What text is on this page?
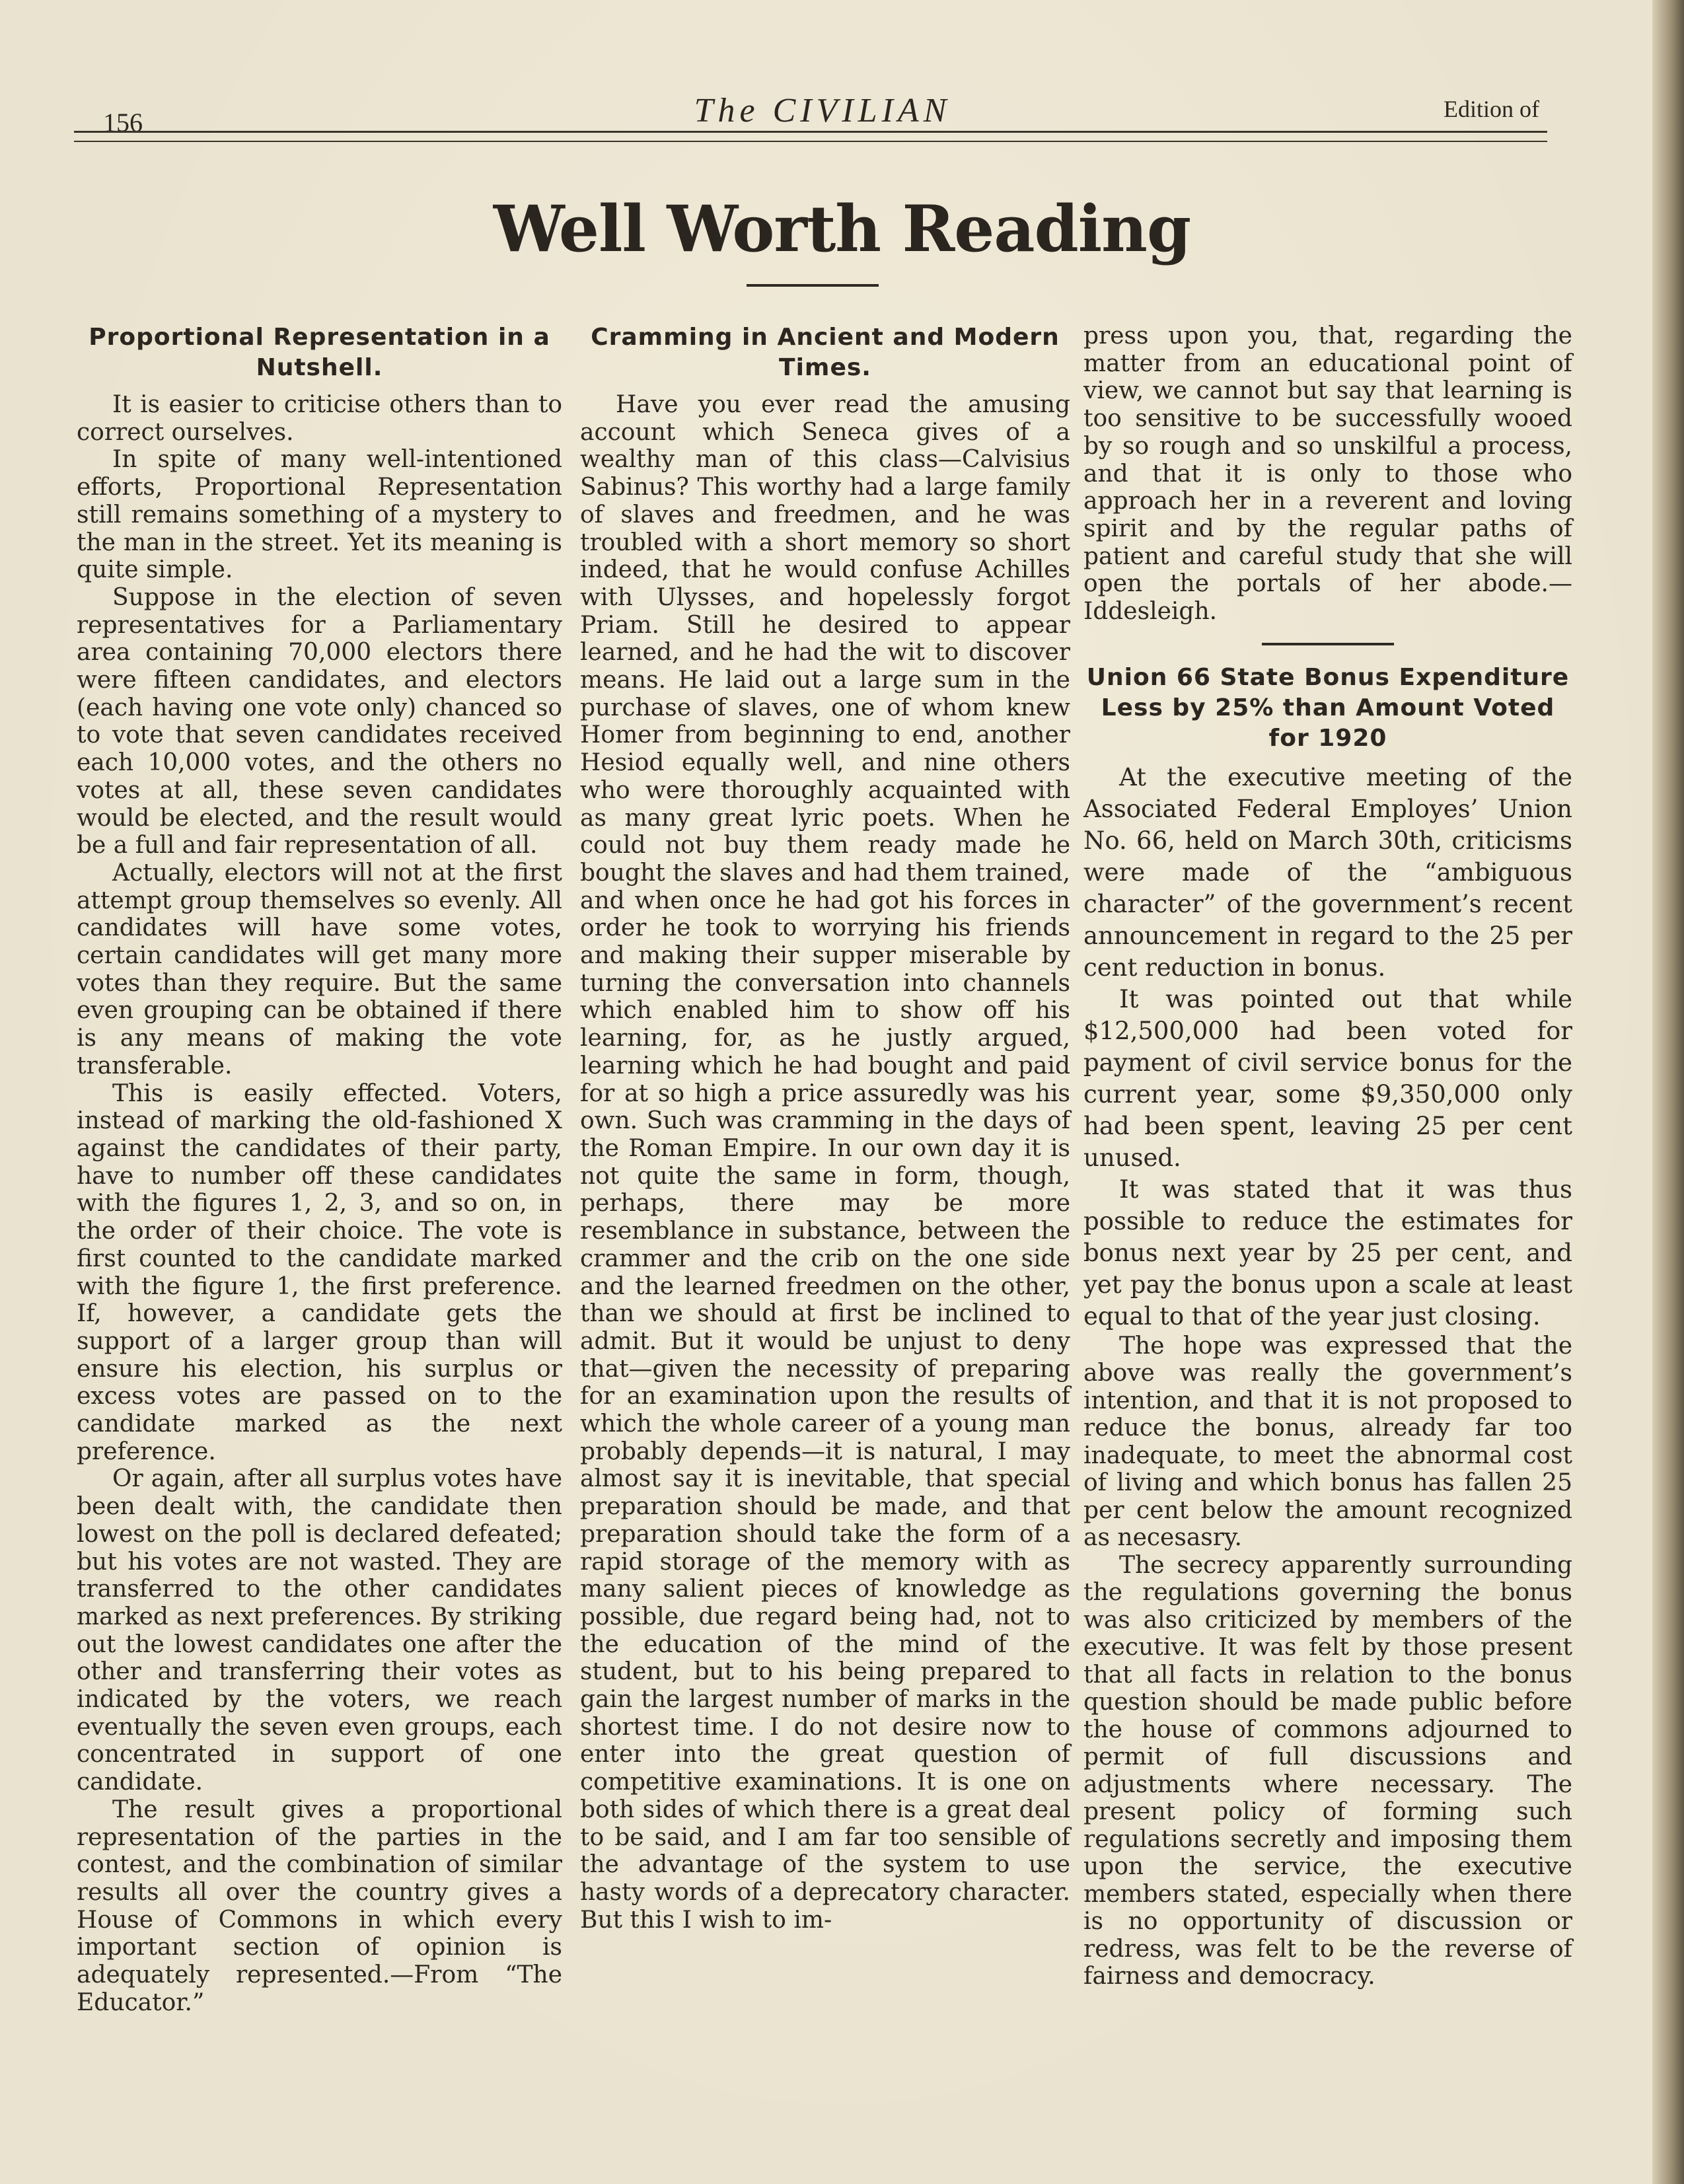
156	The CIVILIAN	Edition of
Well Worth Reading
Proportional Representation in a Nutshell.

It is easier to criticise others than to correct ourselves.

In spite of many well-intentioned efforts, Proportional Representation still remains something of a mystery to the man in the street. Yet its meaning is quite simple.

Suppose in the election of seven representatives for a Parliamentary area containing 70,000 electors there were fifteen candidates, and electors (each having one vote only) chanced so to vote that seven candidates received each 10,000 votes, and the others no votes at all, these seven candidates would be elected, and the result would be a full and fair representation of all.

Actually, electors will not at the first attempt group themselves so evenly. All candidates will have some votes, certain candidates will get many more votes than they require. But the same even grouping can be obtained if there is any means of making the vote transferable.

This is easily effected. Voters, instead of marking the old-fashioned X against the candidates of their party, have to number off these candidates with the figures 1, 2, 3, and so on, in the order of their choice. The vote is first counted to the candidate marked with the figure 1, the first preference. If, however, a candidate gets the support of a larger group than will ensure his election, his surplus or excess votes are passed on to the candidate marked as the next preference.

Or again, after all surplus votes have been dealt with, the candidate then lowest on the poll is declared defeated; but his votes are not wasted. They are transferred to the other candidates marked as next preferences. By striking out the lowest candidates one after the other and transferring their votes as indicated by the voters, we reach eventually the seven even groups, each concentrated in support of one candidate.

The result gives a proportional representation of the parties in the contest, and the combination of similar results all over the country gives a House of Commons in which every important section of opinion is adequately represented.—From “The Educator.”

Cramming in Ancient and Modern Times.

Have you ever read the amusing account which Seneca gives of a wealthy man of this class—Calvisius Sabinus? This worthy had a large family of slaves and freedmen, and he was troubled with a short memory so short indeed, that he would confuse Achilles with Ulysses, and hopelessly forgot Priam. Still he desired to appear learned, and he had the wit to discover means. He laid out a large sum in the purchase of slaves, one of whom knew Homer from beginning to end, another Hesiod equally well, and nine others who were thoroughly acquainted with as many great lyric poets. When he could not buy them ready made he bought the slaves and had them trained, and when once he had got his forces in order he took to worrying his friends and making their supper miserable by turning the conversation into channels which enabled him to show off his learning, for, as he justly argued, learning which he had bought and paid for at so high a price assuredly was his own. Such was cramming in the days of the Roman Empire. In our own day it is not quite the same in form, though, perhaps, there may be more resemblance in substance, between the crammer and the crib on the one side and the learned freedmen on the other, than we should at first be inclined to admit. But it would be unjust to deny that—given the necessity of preparing for an examination upon the results of which the whole career of a young man probably depends—it is natural, I may almost say it is inevitable, that special preparation should be made, and that preparation should take the form of a rapid storage of the memory with as many salient pieces of knowledge as possible, due regard being had, not to the education of the mind of the student, but to his being prepared to gain the largest number of marks in the shortest time. I do not desire now to enter into the great question of competitive examinations. It is one on both sides of which there is a great deal to be said, and I am far too sensible of the advantage of the system to use hasty words of a deprecatory character. But this I wish to im-

press upon you, that, regarding the matter from an educational point of view, we cannot but say that learning is too sensitive to be successfully wooed by so rough and so unskilful a process, and that it is only to those who approach her in a reverent and loving spirit and by the regular paths of patient and careful study that she will open the portals of her abode.—Iddesleigh.

Union 66 State Bonus Expenditure Less by 25% than Amount Voted for 1920

At the executive meeting of the Associated Federal Employes’ Union No. 66, held on March 30th, criticisms were made of the “ambiguous character” of the government’s recent announcement in regard to the 25 per cent reduction in bonus.

It was pointed out that while $12,500,000 had been voted for payment of civil service bonus for the current year, some $9,350,000 only had been spent, leaving 25 per cent unused.

It was stated that it was thus possible to reduce the estimates for bonus next year by 25 per cent, and yet pay the bonus upon a scale at least equal to that of the year just closing.

The hope was expressed that the above was really the government’s intention, and that it is not proposed to reduce the bonus, already far too inadequate, to meet the abnormal cost of living and which bonus has fallen 25 per cent below the amount recognized as necesasry.

The secrecy apparently surrounding the regulations governing the bonus was also criticized by members of the executive. It was felt by those present that all facts in relation to the bonus question should be made public before the house of commons adjourned to permit of full discussions and adjustments where necessary. The present policy of forming such regulations secretly and imposing them upon the service, the executive members stated, especially when there is no opportunity of discussion or redress, was felt to be the reverse of fairness and democracy.
